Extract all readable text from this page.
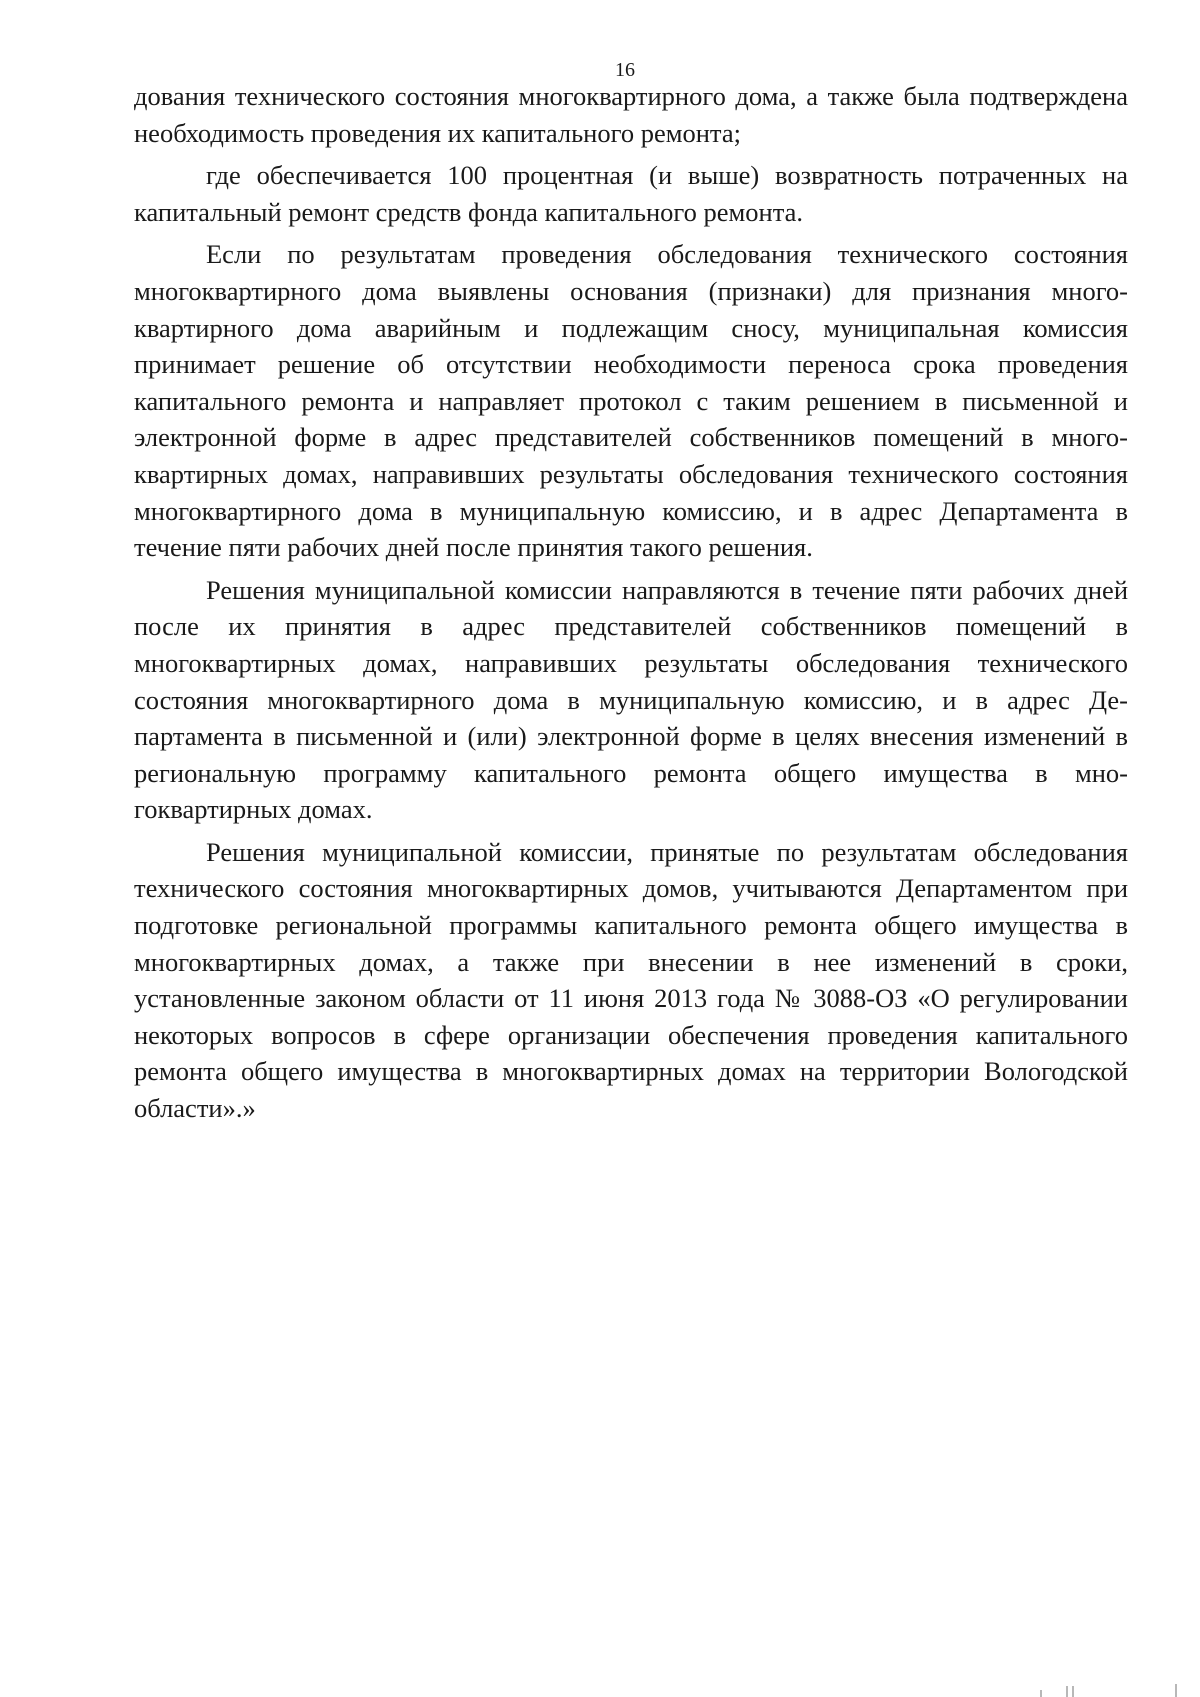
16

дования технического состояния многоквартирного дома, а также была подтверждена необходимость проведения их капитального ремонта;

где обеспечивается 100 процентная (и выше) возвратность потраченных на капитальный ремонт средств фонда капитального ремонта.

Если по результатам проведения обследования технического состояния многоквартирного дома выявлены основания (признаки) для признания многоквартирного дома аварийным и подлежащим сносу, муниципальная комиссия принимает решение об отсутствии необходимости переноса срока проведения капитального ремонта и направляет протокол с таким решением в письменной и электронной форме в адрес представителей собственников помещений в многоквартирных домах, направивших результаты обследования технического состояния многоквартирного дома в муниципальную комиссию, и в адрес Департамента в течение пяти рабочих дней после принятия такого решения.

Решения муниципальной комиссии направляются в течение пяти рабочих дней после их принятия в адрес представителей собственников помещений в многоквартирных домах, направивших результаты обследования технического состояния многоквартирного дома в муниципальную комиссию, и в адрес Департамента в письменной и (или) электронной форме в целях внесения изменений в региональную программу капитального ремонта общего имущества в многоквартирных домах.

Решения муниципальной комиссии, принятые по результатам обследования технического состояния многоквартирных домов, учитываются Департаментом при подготовке региональной программы капитального ремонта общего имущества в многоквартирных домах, а также при внесении в нее изменений в сроки, установленные законом области от 11 июня 2013 года № 3088-ОЗ «О регулировании некоторых вопросов в сфере организации обеспечения проведения капитального ремонта общего имущества в многоквартирных домах на территории Вологодской области».»
